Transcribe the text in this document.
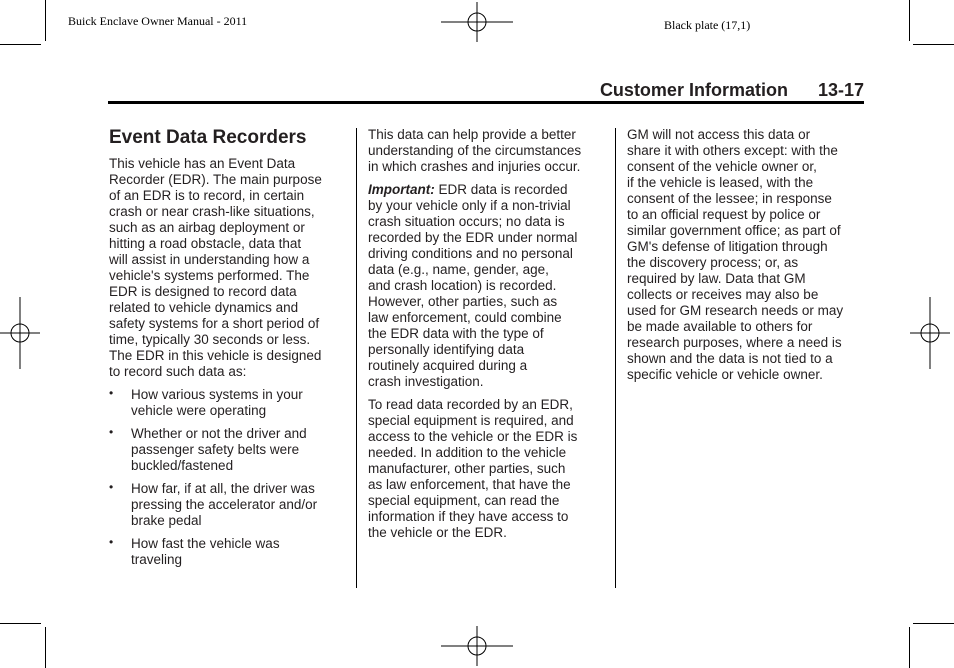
Buick Enclave Owner Manual - 2011	Black plate (17,1)
Customer Information 13-17
Event Data Recorders

This vehicle has an Event Data
Recorder (EDR). The main purpose
of an EDR is to record, in certain
crash or near crash-like situations,
such as an airbag deployment or
hitting a road obstacle, data that
will assist in understanding how a
vehicle's systems performed. The
EDR is designed to record data
related to vehicle dynamics and
safety systems for a short period of
time, typically 30 seconds or less.
The EDR in this vehicle is designed
to record such data as:

• How various systems in your
vehicle were operating
• Whether or not the driver and
passenger safety belts were
buckled/fastened
• How far, if at all, the driver was
pressing the accelerator and/or
brake pedal
• How fast the vehicle was
traveling

This data can help provide a better
understanding of the circumstances
in which crashes and injuries occur.

Important: EDR data is recorded
by your vehicle only if a non-trivial
crash situation occurs; no data is
recorded by the EDR under normal
driving conditions and no personal
data (e.g., name, gender, age,
and crash location) is recorded.
However, other parties, such as
law enforcement, could combine
the EDR data with the type of
personally identifying data
routinely acquired during a
crash investigation.

To read data recorded by an EDR,
special equipment is required, and
access to the vehicle or the EDR is
needed. In addition to the vehicle
manufacturer, other parties, such
as law enforcement, that have the
special equipment, can read the
information if they have access to
the vehicle or the EDR.

GM will not access this data or
share it with others except: with the
consent of the vehicle owner or,
if the vehicle is leased, with the
consent of the lessee; in response
to an official request by police or
similar government office; as part of
GM's defense of litigation through
the discovery process; or, as
required by law. Data that GM
collects or receives may also be
used for GM research needs or may
be made available to others for
research purposes, where a need is
shown and the data is not tied to a
specific vehicle or vehicle owner.
